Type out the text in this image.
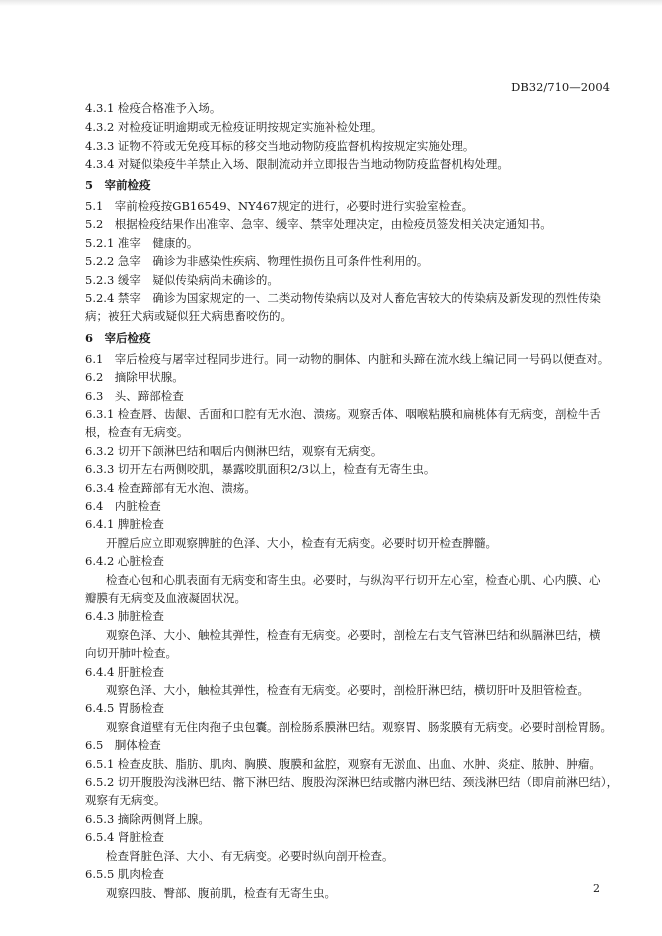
DB32/710—2004
4.3.1 检疫合格准予入场。
4.3.2 对检疫证明逾期或无检疫证明按规定实施补检处理。
4.3.3 证物不符或无免疫耳标的移交当地动物防疫监督机构按规定实施处理。
4.3.4 对疑似染疫牛羊禁止入场、限制流动并立即报告当地动物防疫监督机构处理。
5　宰前检疫
5.1　宰前检疫按GB16549、NY467规定的进行，必要时进行实验室检查。
5.2　根据检疫结果作出准宰、急宰、缓宰、禁宰处理决定，由检疫员签发相关决定通知书。
5.2.1 准宰　健康的。
5.2.2 急宰　确诊为非感染性疾病、物理性损伤且可条件性利用的。
5.2.3 缓宰　疑似传染病尚未确诊的。
5.2.4 禁宰　确诊为国家规定的一、二类动物传染病以及对人畜危害较大的传染病及新发现的烈性传染
病；被狂犬病或疑似狂犬病患畜咬伤的。
6　宰后检疫
6.1　宰后检疫与屠宰过程同步进行。同一动物的胴体、内脏和头蹄在流水线上编记同一号码以便查对。
6.2　摘除甲状腺。
6.3　头、蹄部检查
6.3.1 检查唇、齿龈、舌面和口腔有无水泡、溃疡。观察舌体、咽喉粘膜和扁桃体有无病变，剖检牛舌
根，检查有无病变。
6.3.2 切开下颌淋巴结和咽后内侧淋巴结，观察有无病变。
6.3.3 切开左右两侧咬肌，暴露咬肌面积2/3以上，检查有无寄生虫。
6.3.4 检查蹄部有无水泡、溃疡。
6.4　内脏检查
6.4.1 脾脏检查
开膛后应立即观察脾脏的色泽、大小，检查有无病变。必要时切开检查脾髓。
6.4.2 心脏检查
检查心包和心肌表面有无病变和寄生虫。必要时，与纵沟平行切开左心室，检查心肌、心内膜、心
瓣膜有无病变及血液凝固状况。
6.4.3 肺脏检查
观察色泽、大小、触检其弹性，检查有无病变。必要时，剖检左右支气管淋巴结和纵膈淋巴结，横
向切开肺叶检查。
6.4.4 肝脏检查
观察色泽、大小，触检其弹性，检查有无病变。必要时，剖检肝淋巴结，横切肝叶及胆管检查。
6.4.5 胃肠检查
观察食道壁有无住肉孢子虫包囊。剖检肠系膜淋巴结。观察胃、肠浆膜有无病变。必要时剖检胃肠。
6.5　胴体检查
6.5.1 检查皮肤、脂肪、肌肉、胸膜、腹膜和盆腔，观察有无淤血、出血、水肿、炎症、脓肿、肿瘤。
6.5.2 切开腹股沟浅淋巴结、髂下淋巴结、腹股沟深淋巴结或髂内淋巴结、颈浅淋巴结（即肩前淋巴结），
观察有无病变。
6.5.3 摘除两侧肾上腺。
6.5.4 肾脏检查
检查肾脏色泽、大小、有无病变。必要时纵向剖开检查。
6.5.5 肌肉检查
观察四肢、臀部、腹前肌，检查有无寄生虫。	2
